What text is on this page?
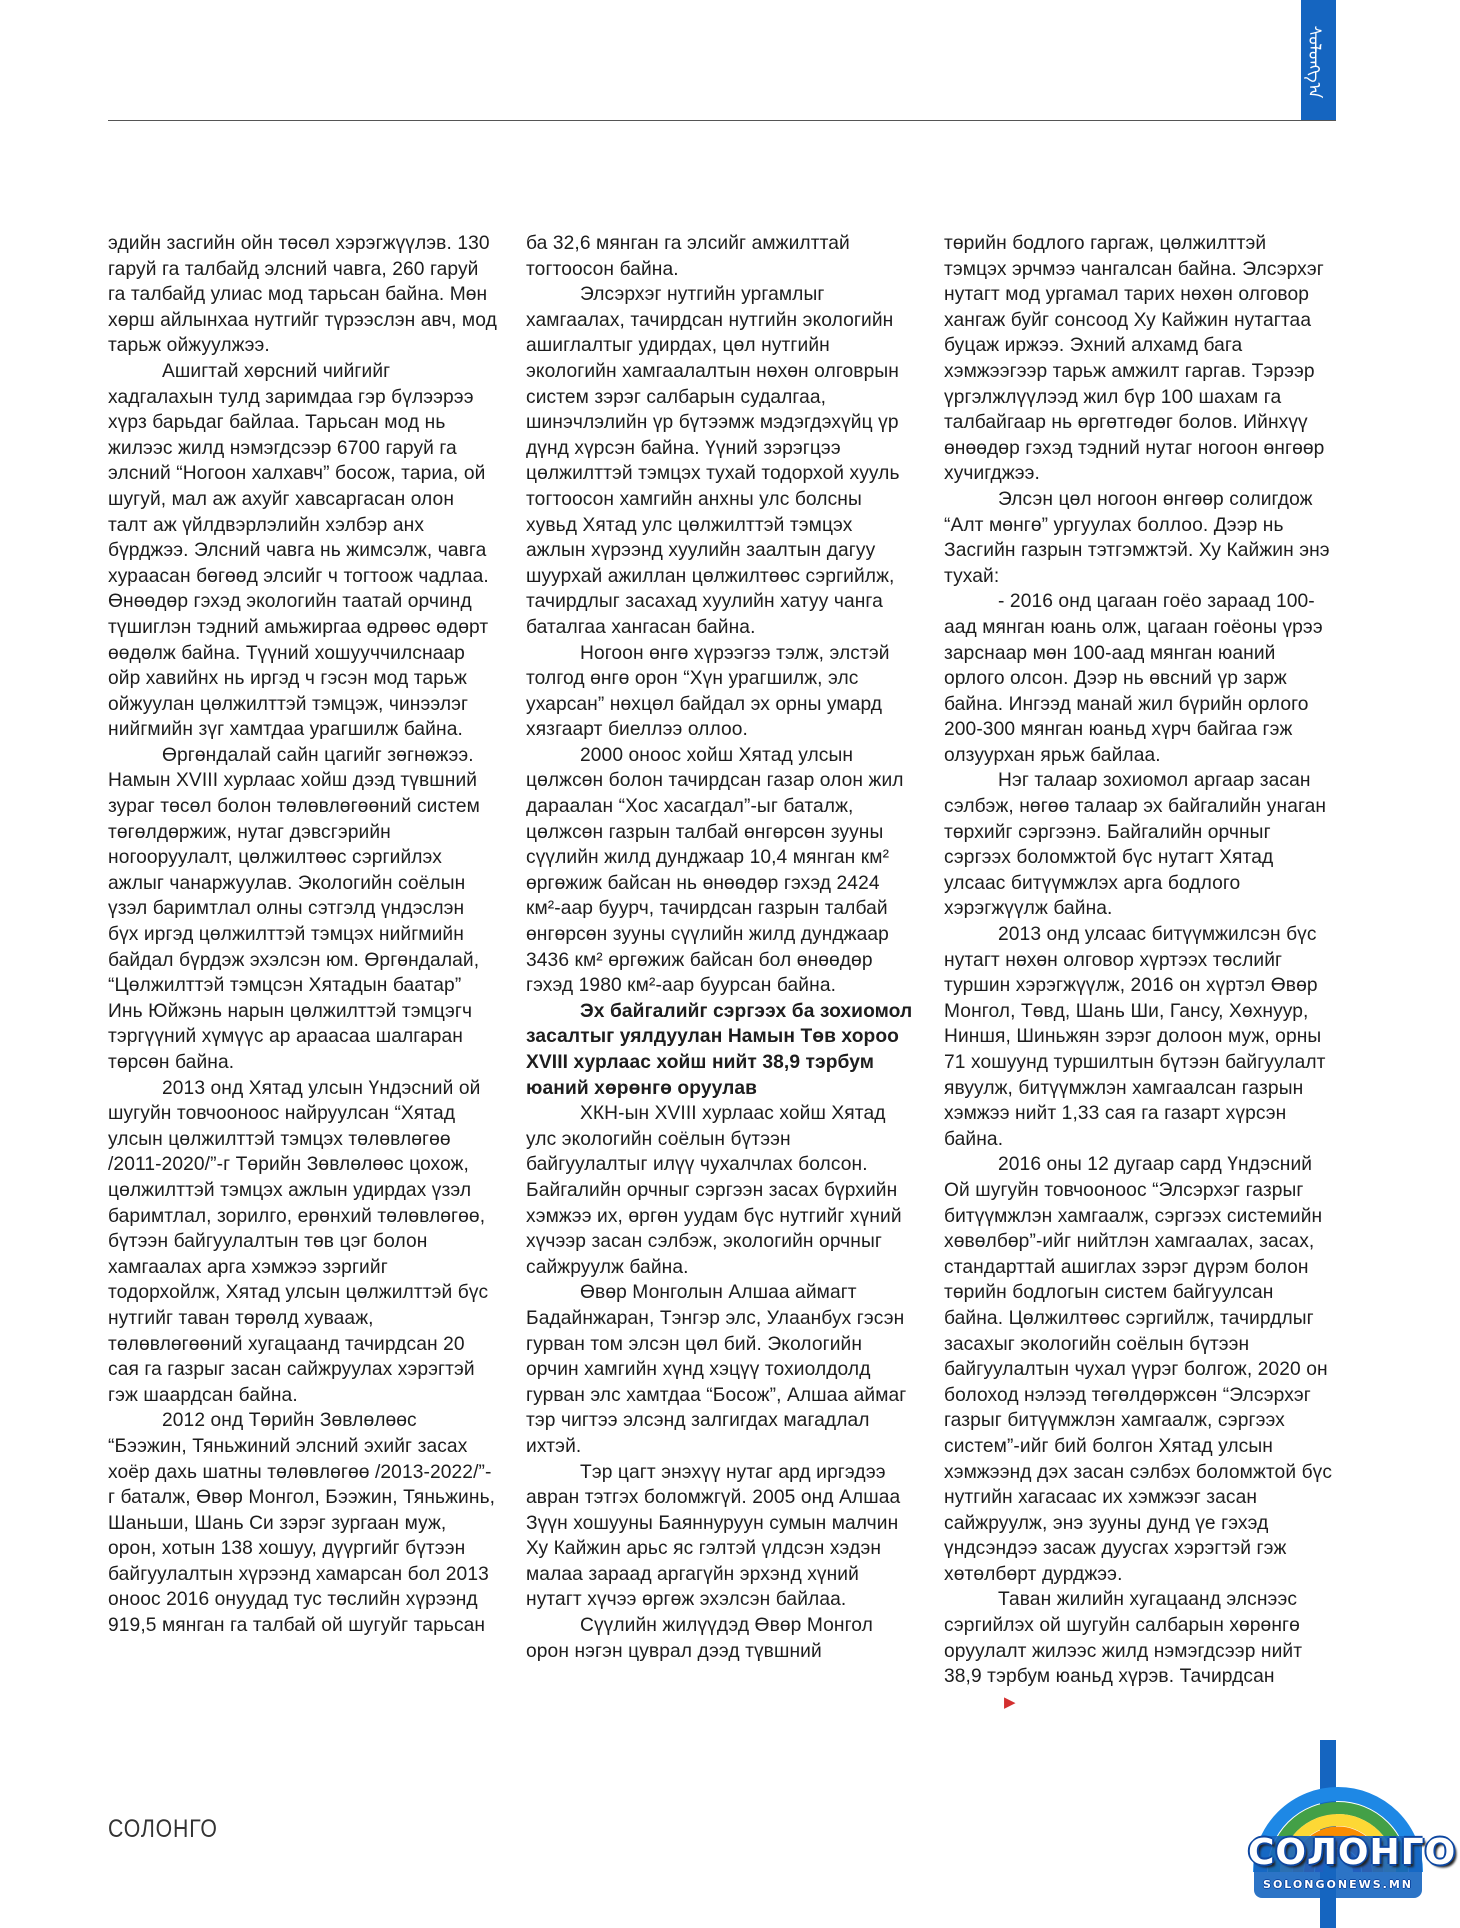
ᠰᠣᠯᠣᠩᠭ᠎ᠠ

эдийн засгийн ойн төсөл хэрэгжүүлэв. 130 гаруй га талбайд элсний чавга, 260 гаруй га талбайд улиас мод тарьсан байна. Мөн хөрш айлынхаа нутгийг түрээслэн авч, мод тарьж ойжуулжээ.

Ашигтай хөрсний чийгийг хадгалахын тулд заримдаа гэр бүлээрээ хүрз барьдаг байлаа. Тарьсан мод нь жилээс жилд нэмэгдсээр 6700 гаруй га элсний “Ногоон халхавч” босож, тариа, ой шугуй, мал аж ахуйг хавсаргасан олон талт аж үйлдвэрлэлийн хэлбэр анх бүрджээ. Элсний чавга нь жимсэлж, чавга хураасан бөгөөд элсийг ч тогтоож чадлаа. Өнөөдөр гэхэд экологийн таатай орчинд түшиглэн тэдний амьжиргаа өдрөөс өдөрт өөдөлж байна. Түүний хошууччилснаар ойр хавийнх нь иргэд ч гэсэн мод тарьж ойжуулан цөлжилттэй тэмцэж, чинээлэг нийгмийн зүг хамтдаа урагшилж байна.

Өргөндалай сайн цагийг зөгнөжээ. Намын XVIII хурлаас хойш дээд түвшний зураг төсөл болон төлөвлөгөөний систем төгөлдөржиж, нутаг дэвсгэрийн ногооруулалт, цөлжилтөөс сэргийлэх ажлыг чанаржуулав. Экологийн соёлын үзэл баримтлал олны сэтгэлд үндэслэн бүх иргэд цөлжилттэй тэмцэх нийгмийн байдал бүрдэж эхэлсэн юм. Өргөндалай, “Цөлжилттэй тэмцсэн Хятадын баатар” Инь Юйжэнь нарын цөлжилттэй тэмцэгч тэргүүний хүмүүс ар араасаа шалгаран төрсөн байна.

2013 онд Хятад улсын Үндэсний ой шугуйн товчооноос найруулсан “Хятад улсын цөлжилттэй тэмцэх төлөвлөгөө /2011-2020/”-г Төрийн Зөвлөлөөс цохож, цөлжилттэй тэмцэх ажлын удирдах үзэл баримтлал, зорилго, ерөнхий төлөвлөгөө, бүтээн байгуулалтын төв цэг болон хамгаалах арга хэмжээ зэргийг тодорхойлж, Хятад улсын цөлжилттэй бүс нутгийг таван төрөлд хувааж, төлөвлөгөөний хугацаанд тачирдсан 20 сая га газрыг засан сайжруулах хэрэгтэй гэж шаардсан байна.

2012 онд Төрийн Зөвлөлөөс “Бээжин, Тяньжиний элсний эхийг засах хоёр дахь шатны төлөвлөгөө /2013-2022/”-г баталж, Өвөр Монгол, Бээжин, Тяньжинь, Шаньши, Шань Си зэрэг зургаан муж, орон, хотын 138 хошуу, дүүргийг бүтээн байгуулалтын хүрээнд хамарсан бол 2013 оноос 2016 онуудад тус төслийн хүрээнд 919,5 мянган га талбай ой шугуйг тарьсан

ба 32,6 мянган га элсийг амжилттай тогтоосон байна.

Элсэрхэг нутгийн ургамлыг хамгаалах, тачирдсан нутгийн экологийн ашиглалтыг удирдах, цөл нутгийн экологийн хамгаалалтын нөхөн олговрын систем зэрэг салбарын судалгаа, шинэчлэлийн үр бүтээмж мэдэгдэхүйц үр дүнд хүрсэн байна. Үүний зэрэгцээ цөлжилттэй тэмцэх тухай тодорхой хууль тогтоосон хамгийн анхны улс болсны хувьд Хятад улс цөлжилттэй тэмцэх ажлын хүрээнд хуулийн заалтын дагуу шуурхай ажиллан цөлжилтөөс сэргийлж, тачирдлыг засахад хуулийн хатуу чанга баталгаа хангасан байна.

Ногоон өнгө хүрээгээ тэлж, элстэй толгод өнгө орон “Хүн урагшилж, элс ухарсан” нөхцөл байдал эх орны умард хязгаарт биеллээ оллоо.

2000 оноос хойш Хятад улсын цөлжсөн болон тачирдсан газар олон жил дараалан “Хос хасагдал”-ыг баталж, цөлжсөн газрын талбай өнгөрсөн зууны сүүлийн жилд дунджаар 10,4 мянган км² өргөжиж байсан нь өнөөдөр гэхэд 2424 км²-аар буурч, тачирдсан газрын талбай өнгөрсөн зууны сүүлийн жилд дунджаар 3436 км² өргөжиж байсан бол өнөөдөр гэхэд 1980 км²-аар буурсан байна.

Эх байгалийг сэргээх ба зохиомол засалтыг уялдуулан Намын Төв хороо XVIII хурлаас хойш нийт 38,9 тэрбум юаний хөрөнгө оруулав

ХКН-ын XVIII хурлаас хойш Хятад улс экологийн соёлын бүтээн байгуулалтыг илүү чухалчлах болсон. Байгалийн орчныг сэргээн засах бүрхийн хэмжээ их, өргөн уудам бүс нутгийг хүний хүчээр засан сэлбэж, экологийн орчныг сайжруулж байна.

Өвөр Монголын Алшаа аймагт Бадайнжаран, Тэнгэр элс, Улаанбух гэсэн гурван том элсэн цөл бий. Экологийн орчин хамгийн хүнд хэцүү тохиолдолд гурван элс хамтдаа “Босож”, Алшаа аймаг тэр чигтээ элсэнд залгигдах магадлал ихтэй.

Тэр цагт энэхүү нутаг ард иргэдээ авран тэтгэх боломжгүй. 2005 онд Алшаа Зүүн хошууны Баяннуруун сумын малчин Ху Кайжин арьс яс гэлтэй үлдсэн хэдэн малаа зараад аргагүйн эрхэнд хүний нутагт хүчээ өргөж эхэлсэн байлаа.

Сүүлийн жилүүдэд Өвөр Монгол орон нэгэн цуврал дээд түвшний

төрийн бодлого гаргаж, цөлжилттэй тэмцэх эрчмээ чангалсан байна. Элсэрхэг нутагт мод ургамал тарих нөхөн олговор хангаж буйг сонсоод Ху Кайжин нутагтаа буцаж иржээ. Эхний алхамд бага хэмжээгээр тарьж амжилт гаргав. Тэрээр үргэлжлүүлээд жил бүр 100 шахам га талбайгаар нь өргөтгөдөг болов. Ийнхүү өнөөдөр гэхэд тэдний нутаг ногоон өнгөөр хучигджээ.

Элсэн цөл ногоон өнгөөр солигдож “Алт мөнгө” ургуулах боллоо. Дээр нь Засгийн газрын тэтгэмжтэй. Ху Кайжин энэ тухай:

- 2016 онд цагаан гоёо зараад 100-аад мянган юань олж, цагаан гоёоны үрээ зарснаар мөн 100-аад мянган юаний орлого олсон. Дээр нь өвсний үр зарж байна. Ингээд манай жил бүрийн орлого 200-300 мянган юаньд хүрч байгаа гэж олзуурхан ярьж байлаа.

Нэг талаар зохиомол аргаар засан сэлбэж, нөгөө талаар эх байгалийн унаган төрхийг сэргээнэ. Байгалийн орчныг сэргээх боломжтой бүс нутагт Хятад улсаас битүүмжлэх арга бодлого хэрэгжүүлж байна.

2013 онд улсаас битүүмжилсэн бүс нутагт нөхөн олговор хүртээх төслийг туршин хэрэгжүүлж, 2016 он хүртэл Өвөр Монгол, Төвд, Шань Ши, Гансу, Хөхнуур, Ниншя, Шиньжян зэрэг долоон муж, орны 71 хошуунд туршилтын бүтээн байгуулалт явуулж, битүүмжлэн хамгаалсан газрын хэмжээ нийт 1,33 сая га газарт хүрсэн байна.

2016 оны 12 дугаар сард Үндэсний Ой шугуйн товчооноос “Элсэрхэг газрыг битүүмжлэн хамгаалж, сэргээх системийн хөвөлбөр”-ийг нийтлэн хамгаалах, засах, стандарттай ашиглах зэрэг дүрэм болон төрийн бодлогын систем байгуулсан байна. Цөлжилтөөс сэргийлж, тачирдлыг засахыг экологийн соёлын бүтээн байгуулалтын чухал үүрэг болгож, 2020 он болоход нэлээд төгөлдөржсөн “Элсэрхэг газрыг битүүмжлэн хамгаалж, сэргээх систем”-ийг бий болгон Хятад улсын хэмжээнд дэх засан сэлбэх боломжтой бүс нутгийн хагасаас их хэмжээг засан сайжруулж, энэ зууны дунд үе гэхэд үндсэндээ засаж дуусгах хэрэгтэй гэж хөтөлбөрт дурджээ.

Таван жилийн хугацаанд элснээс сэргийлэх ой шугуйн салбарын хөрөнгө оруулалт жилээс жилд нэмэгдсээр нийт 38,9 тэрбум юаньд хүрэв. Тачирдсан▶

СОЛОНГО
СОЛОНГО
SOLONGONEWS.MN
